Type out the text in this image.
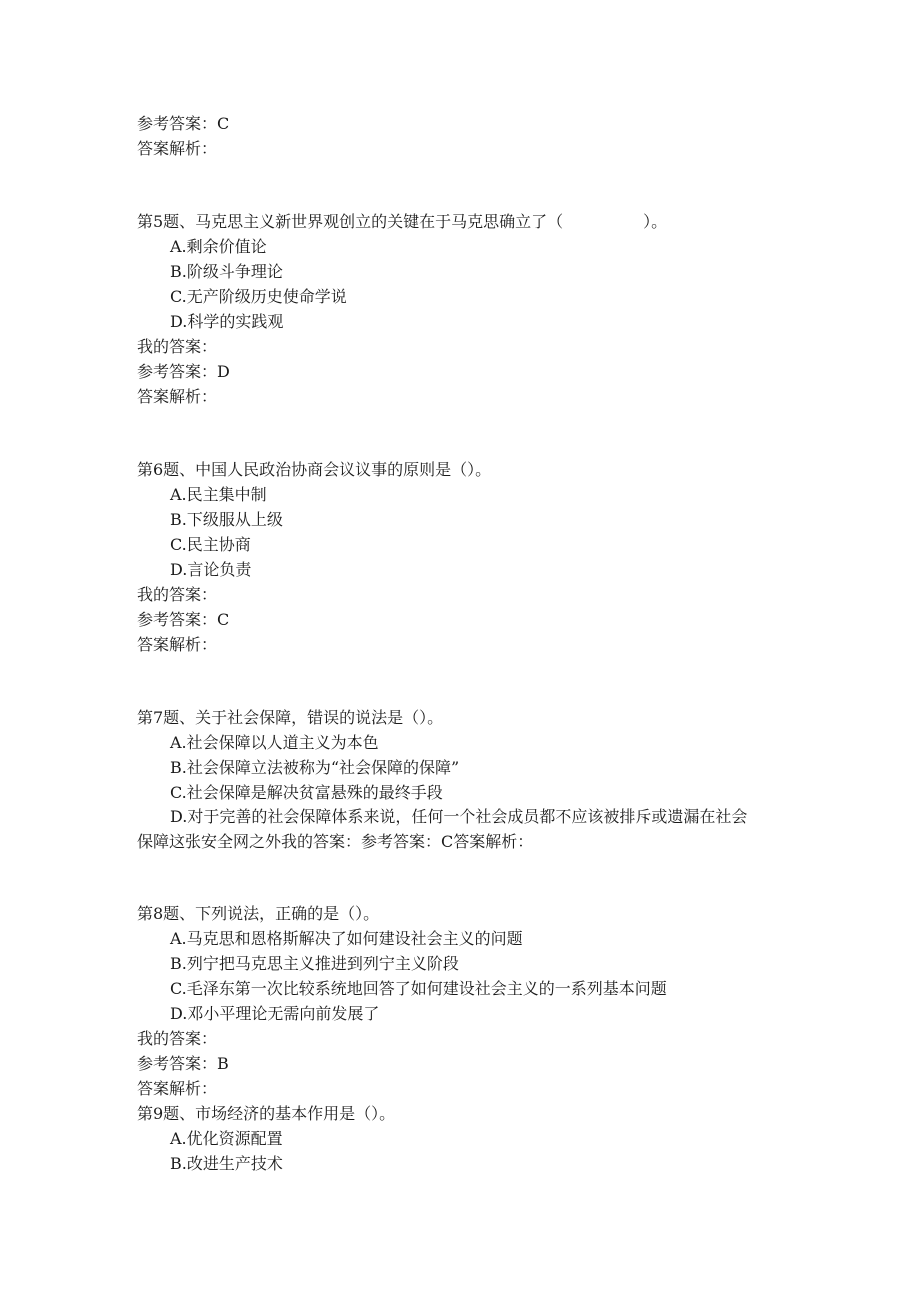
参考答案：C
答案解析：
第5题、马克思主义新世界观创立的关键在于马克思确立了（　　　　　）。
A.剩余价值论
B.阶级斗争理论
C.无产阶级历史使命学说
D.科学的实践观
我的答案：
参考答案：D
答案解析：
第6题、中国人民政治协商会议议事的原则是（）。
A.民主集中制
B.下级服从上级
C.民主协商
D.言论负责
我的答案：
参考答案：C
答案解析：
第7题、关于社会保障，错误的说法是（）。
A.社会保障以人道主义为本色
B.社会保障立法被称为“社会保障的保障”
C.社会保障是解决贫富悬殊的最终手段
D.对于完善的社会保障体系来说，任何一个社会成员都不应该被排斥或遗漏在社会
保障这张安全网之外我的答案：参考答案：C答案解析：
第8题、下列说法，正确的是（）。
A.马克思和恩格斯解决了如何建设社会主义的问题
B.列宁把马克思主义推进到列宁主义阶段
C.毛泽东第一次比较系统地回答了如何建设社会主义的一系列基本问题
D.邓小平理论无需向前发展了
我的答案：
参考答案：B
答案解析：
第9题、市场经济的基本作用是（）。
A.优化资源配置
B.改进生产技术
